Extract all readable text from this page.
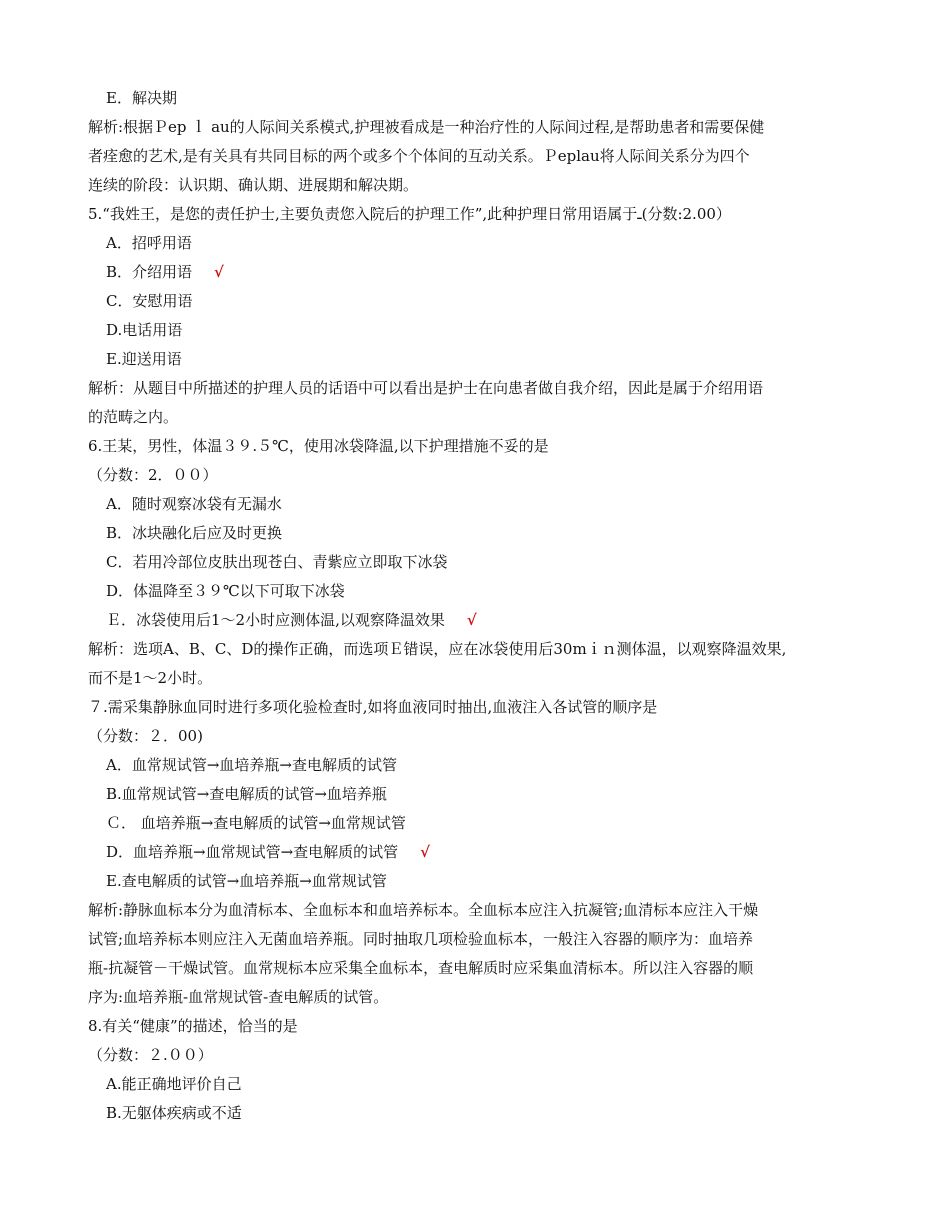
E．解决期
解析:根据Ｐep ｌ au的人际间关系模式,护理被看成是一种治疗性的人际间过程,是帮助患者和需要保健
者痊愈的艺术,是有关具有共同目标的两个或多个个体间的互动关系。Ｐeplau将人际间关系分为四个
连续的阶段：认识期、确认期、进展期和解决期。
5.“我姓王，是您的责任护士,主要负责您入院后的护理工作”,此种护理日常用语属于ـ(分数:2.00）
A．招呼用语
B．介绍用语 √
C．安慰用语
D.电话用语
E.迎送用语
解析：从题目中所描述的护理人员的话语中可以看出是护士在向患者做自我介绍，因此是属于介绍用语
的范畴之内。
6.王某，男性，体温３９.５℃，使用冰袋降温,以下护理措施不妥的是
（分数：2．００）
A．随时观察冰袋有无漏水
B．冰块融化后应及时更换
C．若用冷部位皮肤出现苍白、青紫应立即取下冰袋
D．体温降至３９℃以下可取下冰袋
Ｅ．冰袋使用后1～2小时应测体温,以观察降温效果 √
解析：选项A、B、C、D的操作正确，而选项Ｅ错误，应在冰袋使用后30mｉｎ测体温，以观察降温效果,
而不是1～2小时。
７.需采集静脉血同时进行多项化验检查时,如将血液同时抽出,血液注入各试管的顺序是
（分数：２．00)
A．血常规试管→血培养瓶→查电解质的试管
B.血常规试管→查电解质的试管→血培养瓶
Ｃ． 血培养瓶→查电解质的试管→血常规试管
D．血培养瓶→血常规试管→查电解质的试管 √
E.查电解质的试管→血培养瓶→血常规试管
解析:静脉血标本分为血清标本、全血标本和血培养标本。全血标本应注入抗凝管;血清标本应注入干燥
试管;血培养标本则应注入无菌血培养瓶。同时抽取几项检验血标本，一般注入容器的顺序为：血培养
瓶-抗凝管－干燥试管。血常规标本应采集全血标本，查电解质时应采集血清标本。所以注入容器的顺
序为:血培养瓶-血常规试管-查电解质的试管。
8.有关“健康”的描述，恰当的是
（分数：２.００）
A.能正确地评价自己
B.无躯体疾病或不适
